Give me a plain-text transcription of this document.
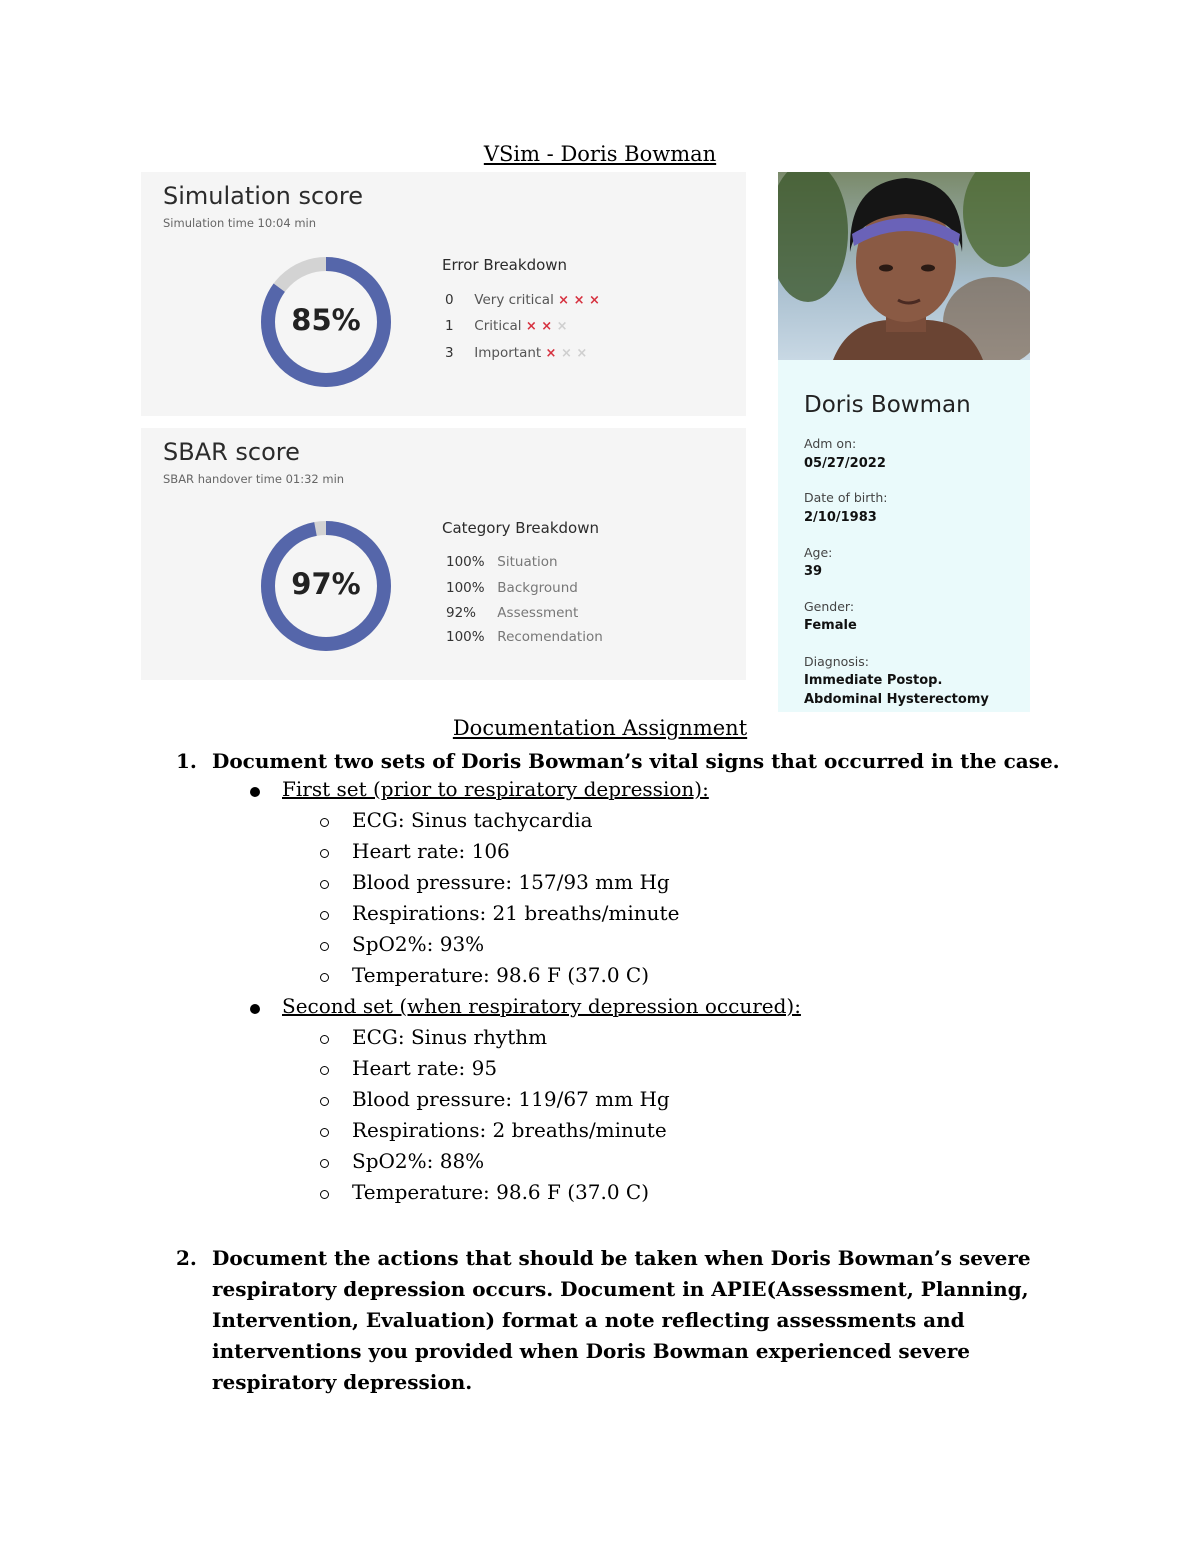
VSim - Doris Bowman
Simulation score
Simulation time 10:04 min
85%
Error Breakdown
0 Very critical × × ×
1 Critical × × ×
3 Important × × ×
SBAR score
SBAR handover time 01:32 min
97%
Category Breakdown
100% Situation
100% Background
92% Assessment
100% Recomendation
Doris Bowman
Adm on:
05/27/2022
Date of birth:
2/10/1983
Age:
39
Gender:
Female
Diagnosis:
Immediate Postop. Abdominal Hysterectomy
Documentation Assignment
1. Document two sets of Doris Bowman’s vital signs that occurred in the case.
First set (prior to respiratory depression):
ECG: Sinus tachycardia
Heart rate: 106
Blood pressure: 157/93 mm Hg
Respirations: 21 breaths/minute
SpO2%: 93%
Temperature: 98.6 F (37.0 C)
Second set (when respiratory depression occured):
ECG: Sinus rhythm
Heart rate: 95
Blood pressure: 119/67 mm Hg
Respirations: 2 breaths/minute
SpO2%: 88%
Temperature: 98.6 F (37.0 C)
2. Document the actions that should be taken when Doris Bowman’s severe respiratory depression occurs. Document in APIE(Assessment, Planning, Intervention, Evaluation) format a note reflecting assessments and interventions you provided when Doris Bowman experienced severe respiratory depression.
